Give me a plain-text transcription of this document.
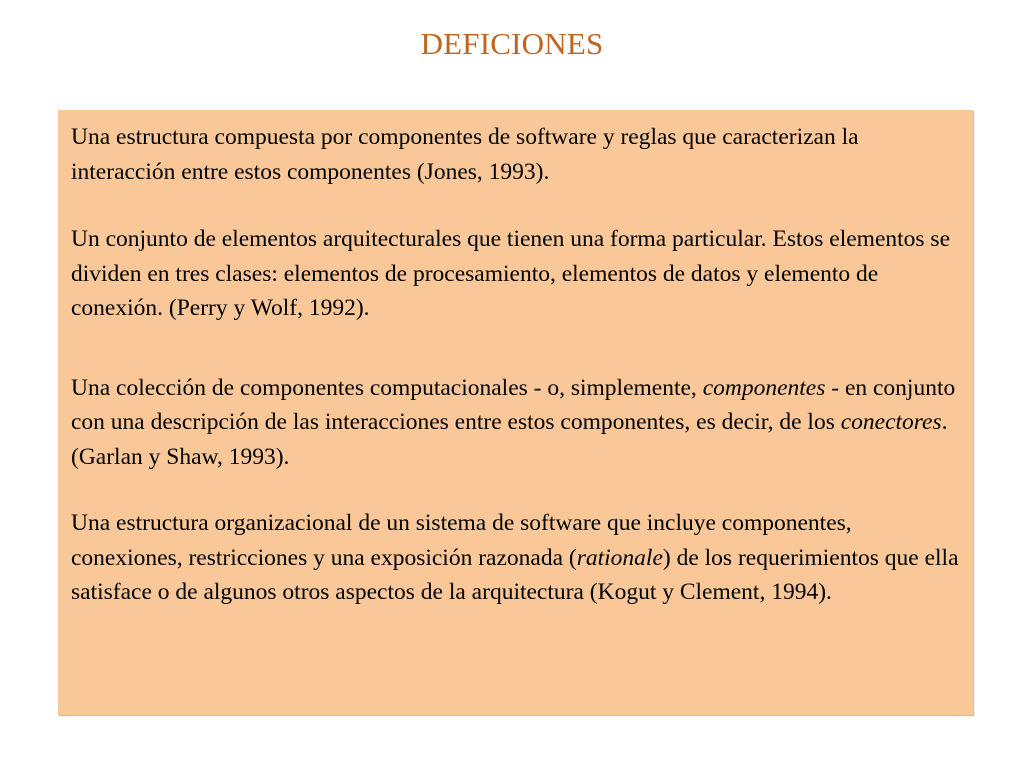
DEFICIONES

Una estructura compuesta por componentes de software y reglas que caracterizan la interacción entre estos componentes (Jones, 1993).

Un conjunto de elementos arquitecturales que tienen una forma particular. Estos elementos se dividen en tres clases: elementos de procesamiento, elementos de datos y elemento de conexión. (Perry y Wolf, 1992).

Una colección de componentes computacionales - o, simplemente, componentes - en conjunto con una descripción de las interacciones entre estos componentes, es decir, de los conectores.(Garlan y Shaw, 1993).

Una estructura organizacional de un sistema de software que incluye componentes, conexiones, restricciones y una exposición razonada (rationale) de los requerimientos que ella satisface o de algunos otros aspectos de la arquitectura (Kogut y Clement, 1994).
